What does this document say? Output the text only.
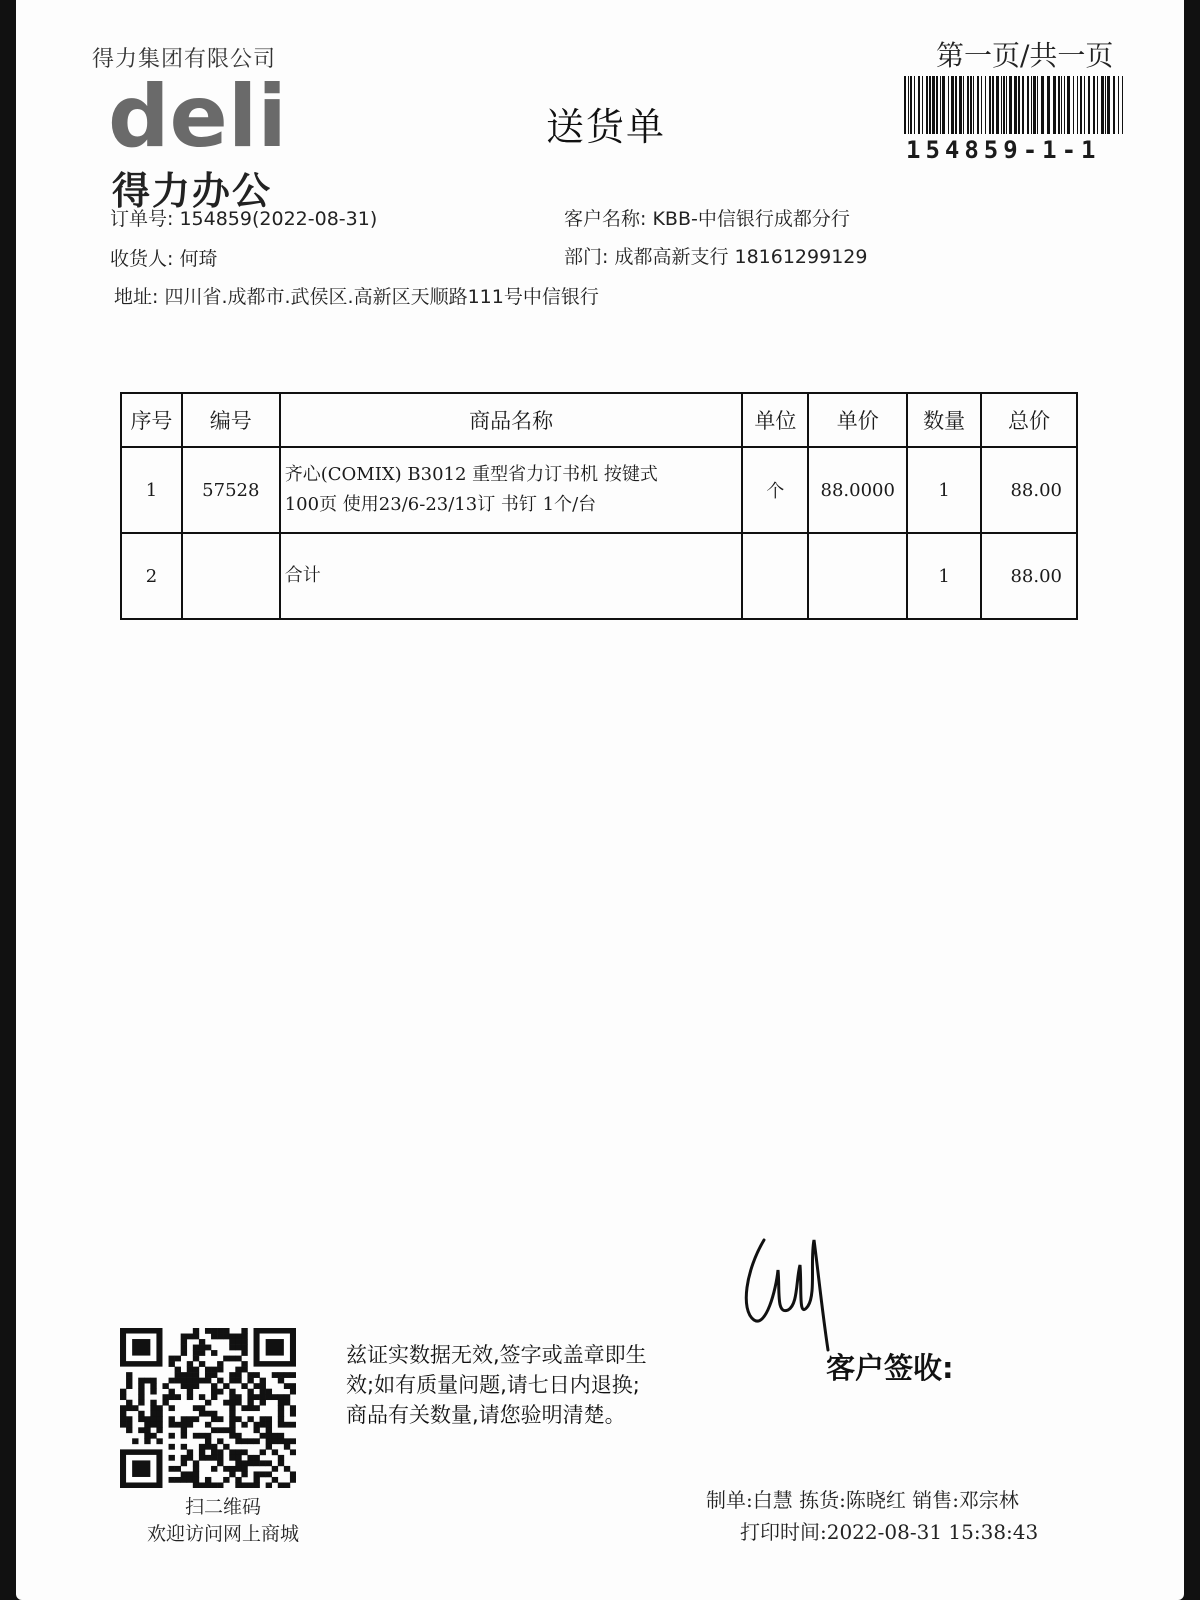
得力集团有限公司
deli
得力办公
送货单
第一页/共一页
154859-1-1
订单号: 154859(2022-08-31)	客户名称: KBB-中信银行成都分行
收货人: 何琦	部门: 成都高新支行 18161299129
地址: 四川省.成都市.武侯区.高新区天顺路111号中信银行
序号	编号	商品名称	单位	单价	数量	总价
1	57528	齐心(COMIX) B3012 重型省力订书机 按键式
100页 使用23/6-23/13订 书钉 1个/台	个	88.0000	1	88.00
2		合计			1	88.00
兹证实数据无效,签字或盖章即生
效;如有质量问题,请七日内退换;
商品有关数量,请您验明清楚。
客户签收:
扫二维码
欢迎访问网上商城
制单:白慧 拣货:陈晓红 销售:邓宗林
打印时间:2022-08-31 15:38:43
